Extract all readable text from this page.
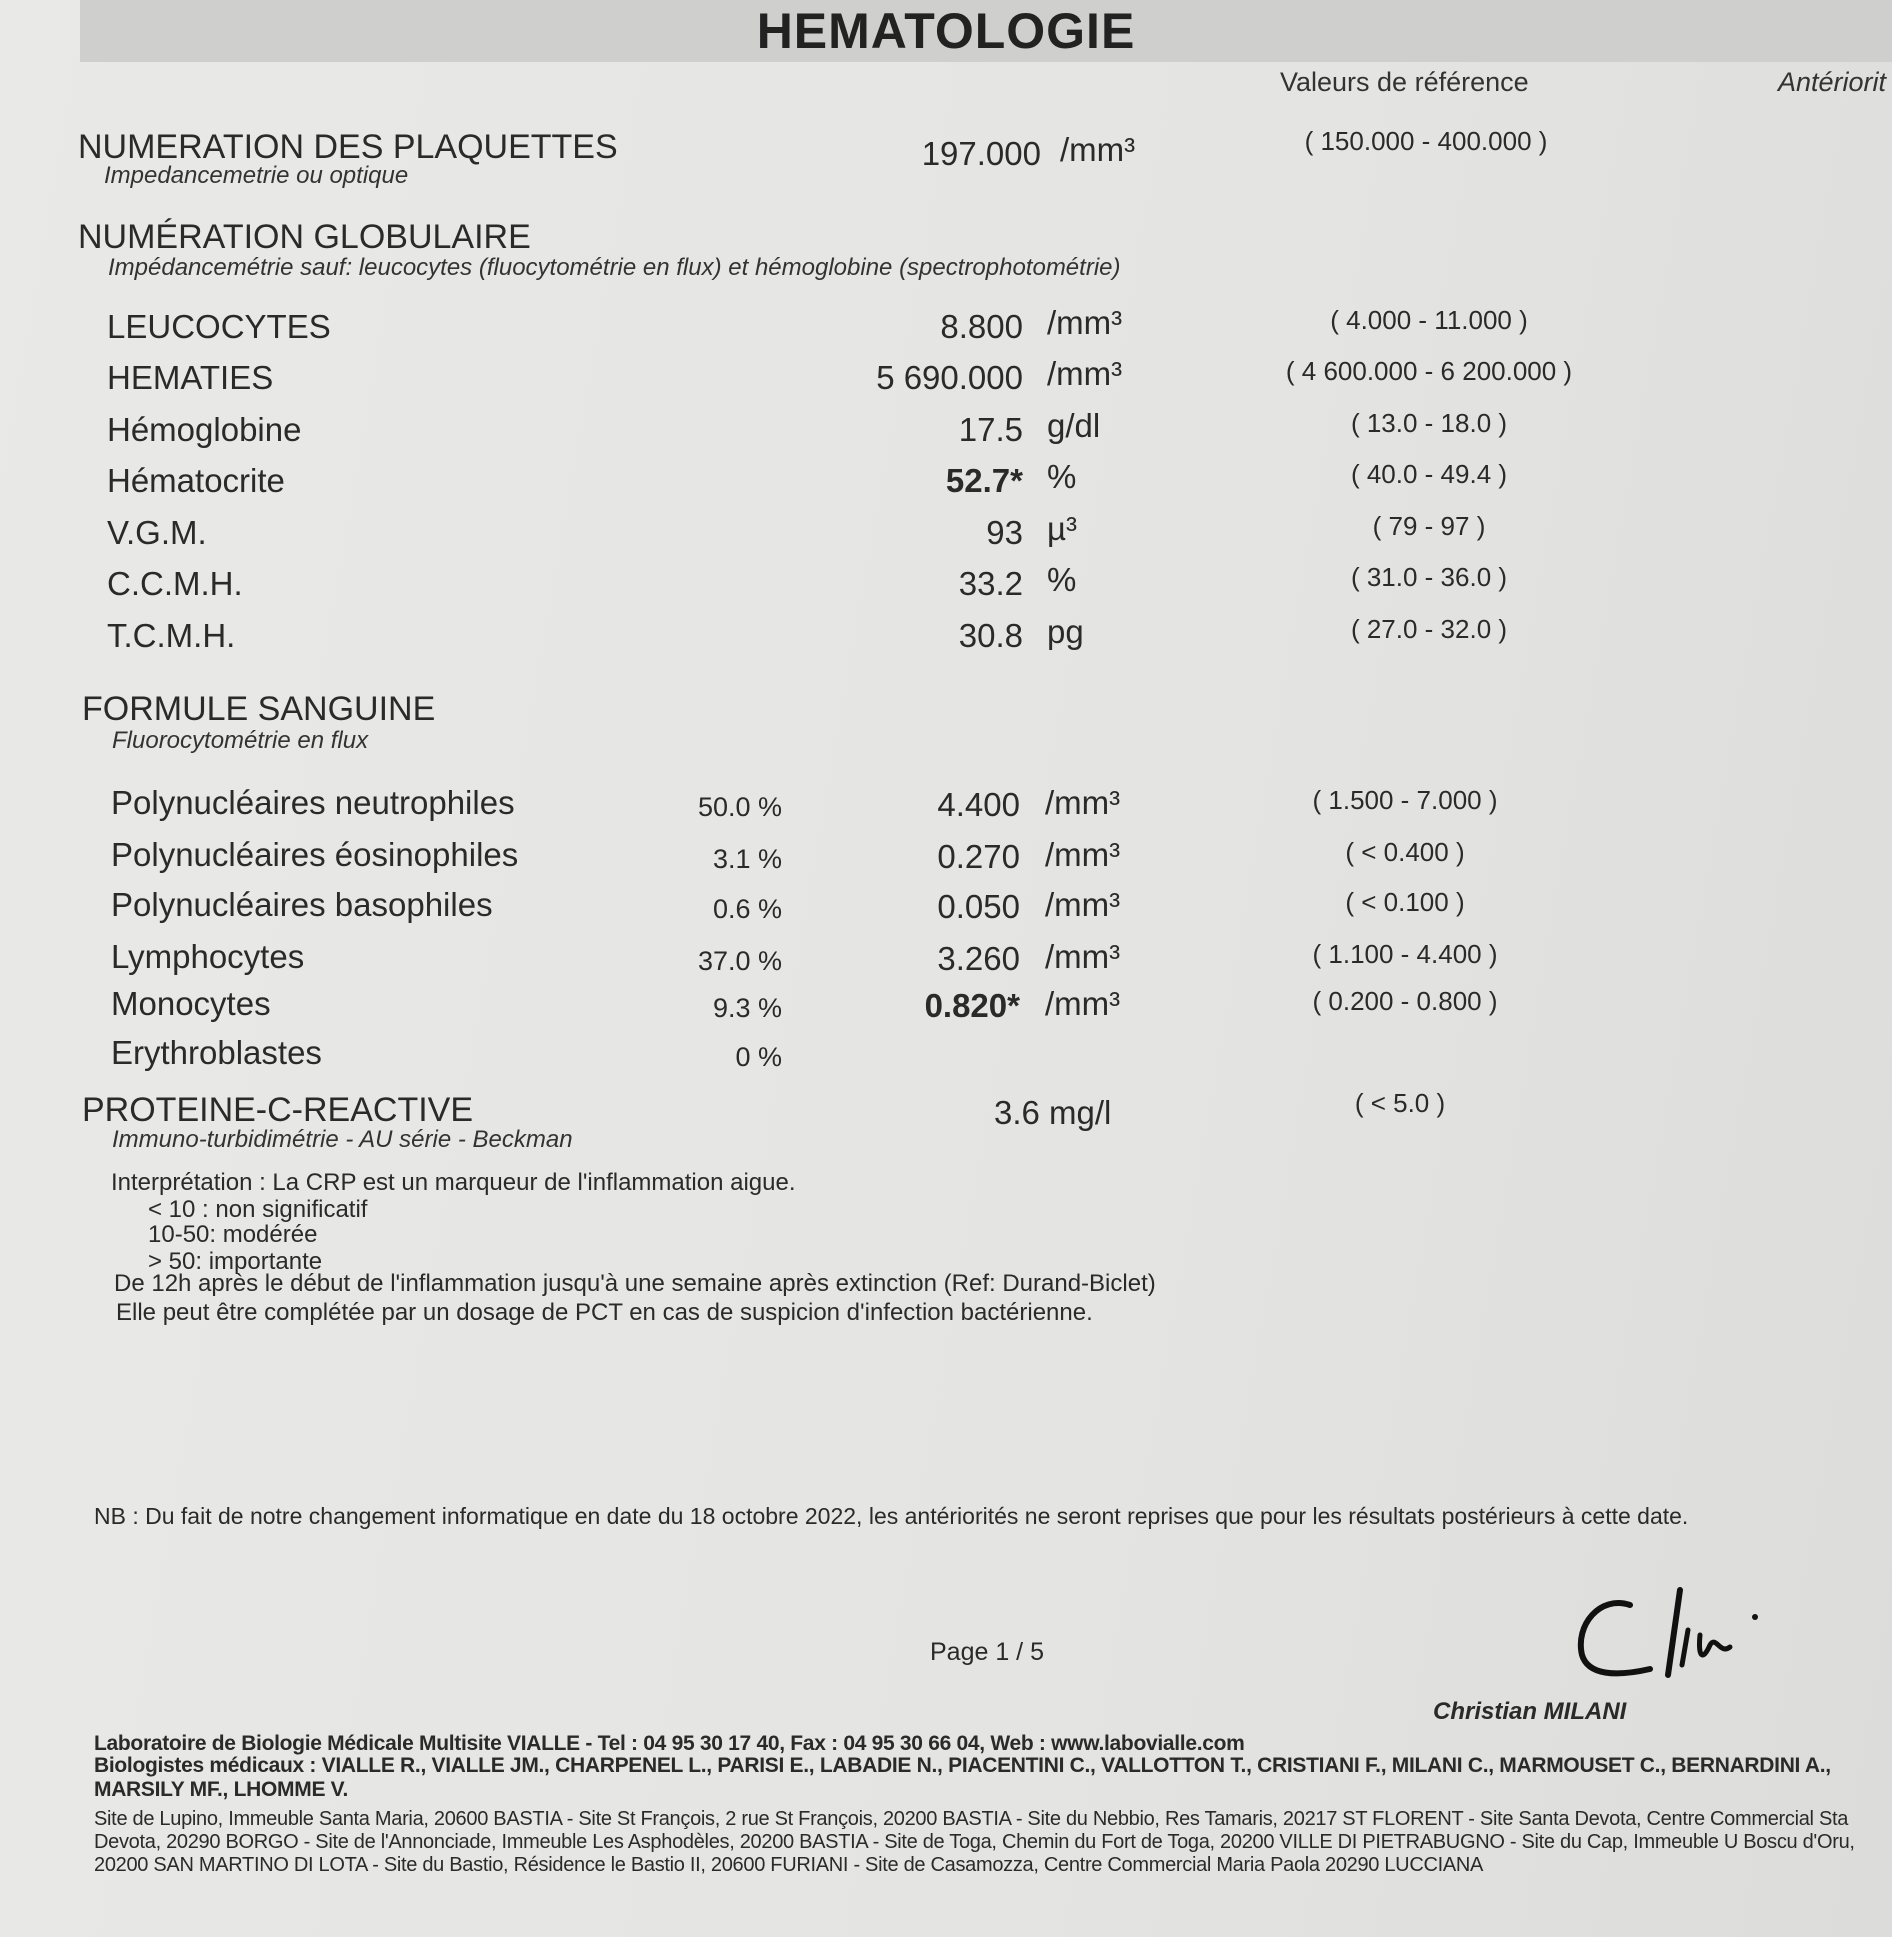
HEMATOLOGIE
Valeurs de référence	Antériorit
NUMERATION DES PLAQUETTES
Impedancemetrie ou optique
197.000 /mm³	( 150.000 - 400.000 )
NUMÉRATION GLOBULAIRE
Impédancemétrie sauf: leucocytes (fluocytométrie en flux) et hémoglobine (spectrophotométrie)
LEUCOCYTES	8.800 /mm³	( 4.000 - 11.000 )
HEMATIES	5 690.000 /mm³	( 4 600.000 - 6 200.000 )
Hémoglobine	17.5 g/dl	( 13.0 - 18.0 )
Hématocrite	52.7* %	( 40.0 - 49.4 )
V.G.M.	93 µ³	( 79 - 97 )
C.C.M.H.	33.2 %	( 31.0 - 36.0 )
T.C.M.H.	30.8 pg	( 27.0 - 32.0 )
FORMULE SANGUINE
Fluorocytométrie en flux
Polynucléaires neutrophiles	50.0 %	4.400 /mm³	( 1.500 - 7.000 )
Polynucléaires éosinophiles	3.1 %	0.270 /mm³	( < 0.400 )
Polynucléaires basophiles	0.6 %	0.050 /mm³	( < 0.100 )
Lymphocytes	37.0 %	3.260 /mm³	( 1.100 - 4.400 )
Monocytes	9.3 %	0.820* /mm³	( 0.200 - 0.800 )
Erythroblastes	0 %
PROTEINE-C-REACTIVE
Immuno-turbidimétrie - AU série - Beckman
3.6 mg/l	( < 5.0 )
Interprétation : La CRP est un marqueur de l'inflammation aigue.
< 10 : non significatif
10-50: modérée
> 50: importante
De 12h après le début de l'inflammation jusqu'à une semaine après extinction (Ref: Durand-Biclet)
Elle peut être complétée par un dosage de PCT en cas de suspicion d'infection bactérienne.
NB : Du fait de notre changement informatique en date du 18 octobre 2022, les antériorités ne seront reprises que pour les résultats postérieurs à cette date.
Page 1 / 5
Christian MILANI
Laboratoire de Biologie Médicale Multisite VIALLE - Tel : 04 95 30 17 40, Fax : 04 95 30 66 04, Web : www.labovialle.com
Biologistes médicaux : VIALLE R., VIALLE JM., CHARPENEL L., PARISI E., LABADIE N., PIACENTINI C., VALLOTTON T., CRISTIANI F., MILANI C., MARMOUSET C., BERNARDINI A., MARSILY MF., LHOMME V.
Site de Lupino, Immeuble Santa Maria, 20600 BASTIA - Site St François, 2 rue St François, 20200 BASTIA - Site du Nebbio, Res Tamaris, 20217 ST FLORENT - Site Santa Devota, Centre Commercial Sta Devota, 20290 BORGO - Site de l'Annonciade, Immeuble Les Asphodèles, 20200 BASTIA - Site de Toga, Chemin du Fort de Toga, 20200 VILLE DI PIETRABUGNO - Site du Cap, Immeuble U Boscu d'Oru, 20200 SAN MARTINO DI LOTA - Site du Bastio, Résidence le Bastio II, 20600 FURIANI - Site de Casamozza, Centre Commercial Maria Paola 20290 LUCCIANA
